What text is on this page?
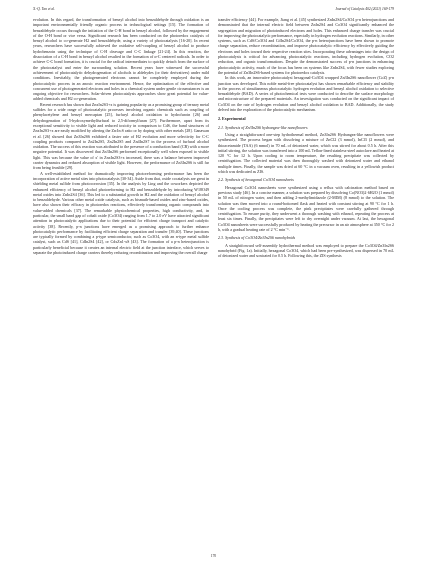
X.-Q. Tan et al.	Journal of Catalysis 402 (2021) 169-179

evolution. In this regard, the transformation of benzyl alcohol into benzaldehyde through oxidation is an important environmentally friendly organic process in technological settings [15]. The formation of benzaldehyde occurs through the initiation of the C-H bond in benzyl alcohol, followed by the engagement of the O-H bond or vice versa. Significant research has been conducted on the photoredox catalysis of benzyl alcohol to co-generate H2 and benzaldehyde, using a variety of photocatalysts [16-20]. In recent years, researchers have successfully achieved the oxidative self-coupling of benzyl alcohol to produce hydrobenzoin using the technique of C-H cleavage and C-C linkage [21-24]. In this reaction, the dissociation of a C-H bond in benzyl alcohol resulted in the formation of α-C centered radicals. In order to achieve C-C bond formation, it is crucial for the radical intermediates to quickly detach from the surface of the photocatalyst and enter the surrounding solution. Recent years have witnessed the successful achievement of photocatalytic dehydrogenation of alcohols to aldehydes (or their derivatives) under mild conditions. Inevitably, the photogenerated electrons cannot be completely employed during the photocatalytic process in an anoxic reaction environment. Hence, the optimization of the effective and concurrent use of photogenerated electrons and holes in a chemical system under gentle circumstances is an ongoing objective for researchers. Solar-driven photocatalysis approaches show great potential for value-added chemicals and H2 co-generation.

Recent research has shown that ZnxIn2S3+x is gaining popularity as a promising group of ternary metal sulfides for a wide range of photocatalytic processes involving organic chemicals such as coupling of phenylacetylene and benzyl mercaptan [25], furfuryl alcohol oxidation to hydrofuroin [26] and dehydrogenation of 5-hydroxymethylfurfural to 2,5-diformylfuran [27]. Furthermore, apart from its exceptional sensitivity to visible light and reduced toxicity in comparison to CdS, the band structures of ZnxIn2S3+x are easily modified by altering the Zn:In:S ratio or by doping with other metals [28]. Ganawan et al. [26] showed that Zn3In2S6 exhibited a faster rate of H2 evolution and more selectivity for C-C coupling products compared to Zn2In2S5, Zn2In2S5 and Zn4In2S7 in the process of furfural alcohol oxidation. The success of this reaction was attributed to the presence of a conduction band (CB) with a more negative potential. It was discovered that Zn3In2S6 performed exceptionally well when exposed to visible light. This was because the value of x' in ZnxIn2S3+x increased, there was a balance between improved carrier dynamics and reduced absorption of visible light. However, the performance of Zn3In2S6 is still far from being feasible [29].

A well-established method for dramatically improving photoreforming performance has been the incorporation of active metal sites into photocatalysts [30-34]. Aside from that, oxide cocatalysts are great in shielding metal sulfide from photocorrosion [35]. In the analysis by Ling and the coworkers depicted the enhanced efficiency of benzyl alcohol photoreforming to H2 and benzaldehyde by introducing W18O49 metal oxides into ZnIn2S4 [36]. This led to a substantial growth in H2 and the oxidation of benzyl alcohol to benzaldehyde. Various other metal oxide catalysts, such as bismuth-based oxides and zinc-based oxides, have also shown their efficacy in photoredox reactions, effectively transforming organic compounds into value-added chemicals [37]. The remarkable physiochemical properties, high conductivity, and, in particular, the small band gap of cobalt oxide (Co3O4) ranging from 1.7 to 2.0 eV have attracted significant attention in photocatalytic applications due to their potential for efficient charge transport and catalytic activity [38]. Recently, p-n junctions have emerged as a promising approach to further enhance photocatalytic performance by facilitating efficient charge separation and transfer [39,40]. These junctions are typically formed by combining a p-type semiconductor, such as Co3O4, with an n-type metal sulfide catalyst, such as CdS [41], CdIn2S4 [42], or CdxZn1-xS [43]. The formation of a p-n heterojunction is particularly beneficial because it creates an internal electric field at the junction interface, which serves to separate the photoinduced charge carriers thereby reducing recombination and improving the overall charge

transfer efficiency [44]. For example, Jiang et al. [45] synthesized ZnIn2S4/Co3O4 p-n heterojunctions and demonstrated that the internal electric field between ZnIn2S4 and Co3O4 significantly enhanced the segregation and migration of photoinduced electrons and holes. This enhanced charge transfer was crucial for improving the photocatalytic performance, especially in hydrogen evolution reactions. Similarly, in other systems, such as CdS/Co3O4 and CdIn2S4/Co3O4, the p-n heterojunctions have been shown to promote charge separation, reduce recombination, and improve photocatalytic efficiency by effectively guiding the electrons and holes toward their respective reaction sites. Incorporating these advantages into the design of photocatalysts is critical for advancing photocatalytic reactions, including hydrogen evolution, CO2 reduction, and organic transformations. Despite the demonstrated success of p-n junctions in enhancing photocatalytic activity, much of the focus has been on systems like ZnIn2S4, with fewer studies exploring the potential of Zn3In2S6-based systems for photoredox catalysis.

In this work, an innovative photocatalyst hexagonal-Co3O4 wrapped Zn3In2S6 nanoflower (CoZ) p-n junction was developed. This noble metal-free photocatalyst has shown remarkable efficiency and stability in the process of simultaneous photocatalytic hydrogen evolution and benzyl alcohol oxidation to selective benzaldehyde (BAD). A series of photochemical tests were conducted to describe the surface morphology and microstructure of the prepared materials. An investigation was conducted on the significant impact of Co3O4 on the rate of hydrogen evolution and benzyl alcohol oxidation to BAD. Additionally, the study delved into the exploration of the photocatalytic mechanism.

2. Experimental
2.1. Synthesis of Zn3In2S6 hydrangea-like nanoflowers

Using a straightforward one-step hydrothermal method, Zn3In2S6 Hydrangea-like nanoflowers were synthesized. The process began with dissolving a mixture of ZnCl2 (3 mmol), InCl3 (2 mmol), and thioacetamide (TAA) (6 mmol) in 70 mL of deionized water, which was stirred for about 0.5 h. After this initial stirring, the solution was transferred into a 100 mL Teflon-lined stainless-steel autoclave and heated at 120 °C for 12 h. Upon cooling to room temperature, the resulting precipitate was collected by centrifugation. The collected material was then thoroughly washed with deionized water and ethanol multiple times. Finally, the sample was dried at 60 °C in a vacuum oven, resulting in a yellowish product which was dedicated as ZIS.

2.2. Synthesis of hexagonal Co3O4 nanosheets

Hexagonal Co3O4 nanosheets were synthesized using a reflux with calcination method based on previous study [46]. In a concise manner, a solution was prepared by dissolving Co(NO3)2·6H2O (1 mmol) in 50 mL of nitrogen water, and then adding 2-methylimidazole (2-MIM) (8 mmol) to the solution. The solution was then moved into a round-bottomed flask and heated with constant stirring at 90 °C for 1 h. Once the cooling process was complete, the pink precipitates were carefully gathered through centrifugation. To ensure purity, they underwent a thorough washing with ethanol, repeating the process at least six times. Finally, the precipitates were left to dry overnight under vacuum. At last, the hexagonal Co3O4 nanosheets were successfully produced by heating the precursor in an air atmosphere at 350 °C for 2 h, with a gradual heating rate of 2 °C min⁻¹.

2.3. Synthesis of Co3O4/Zn3In2S6 nanohybrids

A straightforward self-assembly hydrothermal method was employed to prepare the Co3O4/Zn3In2S6 nanohybrid (Fig. 1a). Initially, hexagonal Co3O4, which had been pre-synthesized, was dispersed in 70 mL of deionized water and sonicated for 0.5 h. Following this, the ZIS synthesis

170
